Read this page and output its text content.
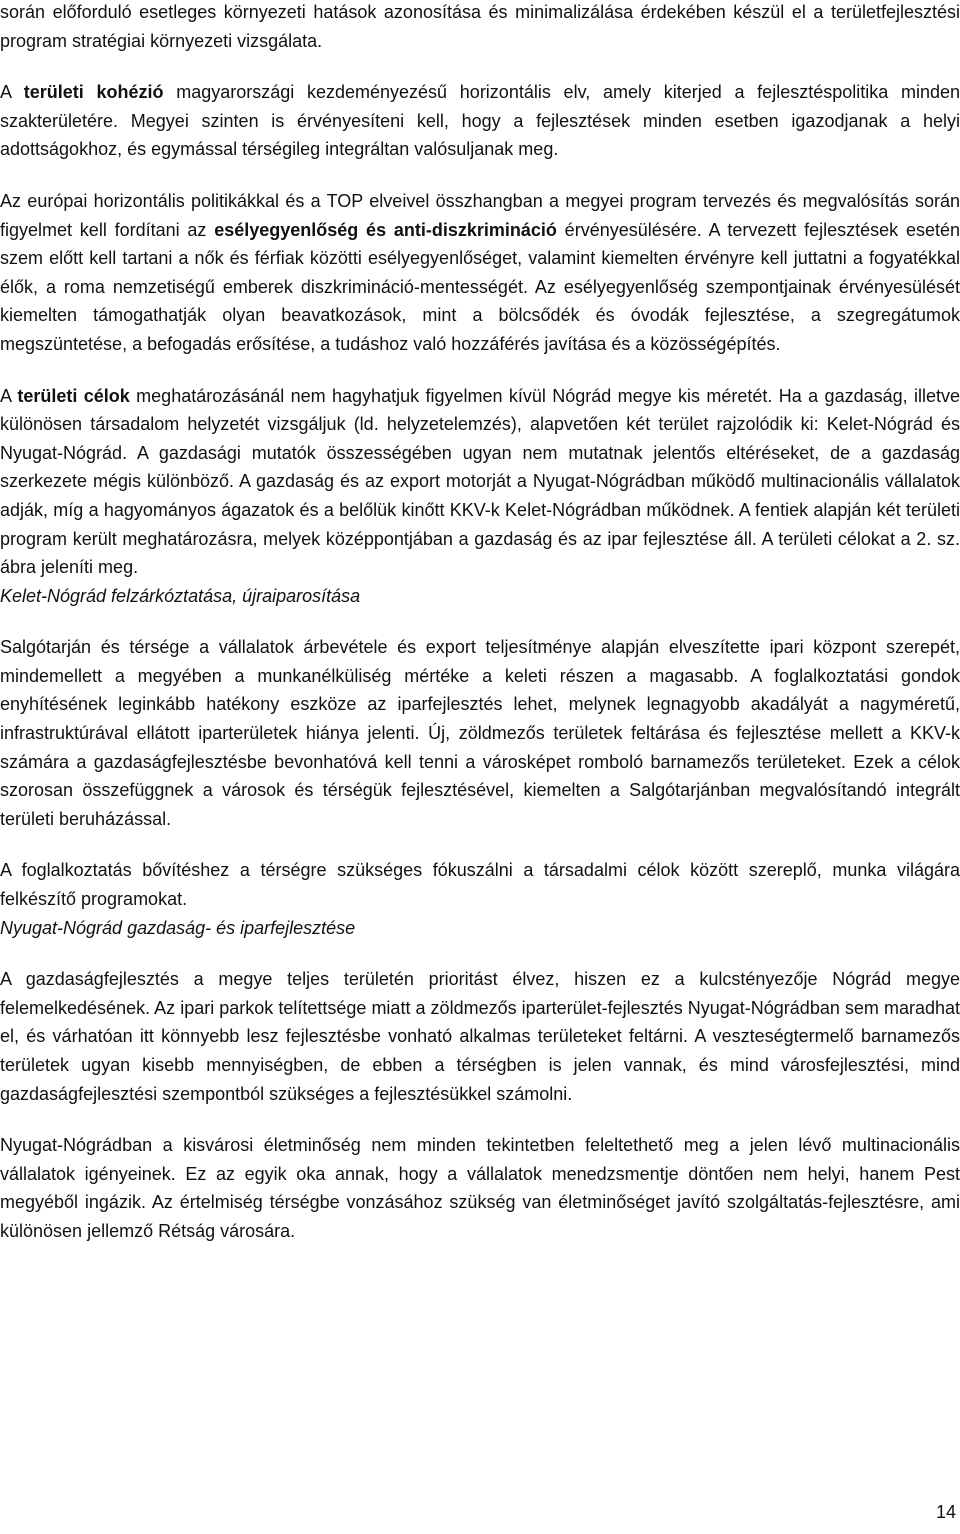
során előforduló esetleges környezeti hatások azonosítása és minimalizálása érdekében készül el a területfejlesztési program stratégiai környezeti vizsgálata.

A területi kohézió magyarországi kezdeményezésű horizontális elv, amely kiterjed a fejlesztéspolitika minden szakterületére. Megyei szinten is érvényesíteni kell, hogy a fejlesztések minden esetben igazodjanak a helyi adottságokhoz, és egymással térségileg integráltan valósuljanak meg.

Az európai horizontális politikákkal és a TOP elveivel összhangban a megyei program tervezés és megvalósítás során figyelmet kell fordítani az esélyegyenlőség és anti-diszkrimináció érvényesülésére. A tervezett fejlesztések esetén szem előtt kell tartani a nők és férfiak közötti esélyegyenlőséget, valamint kiemelten érvényre kell juttatni a fogyatékkal élők, a roma nemzetiségű emberek diszkrimináció-mentességét. Az esélyegyenlőség szempontjainak érvényesülését kiemelten támogathatják olyan beavatkozások, mint a bölcsődék és óvodák fejlesztése, a szegregátumok megszüntetése, a befogadás erősítése, a tudáshoz való hozzáférés javítása és a közösségépítés.

A területi célok meghatározásánál nem hagyhatjuk figyelmen kívül Nógrád megye kis méretét. Ha a gazdaság, illetve különösen társadalom helyzetét vizsgáljuk (ld. helyzetelemzés), alapvetően két terület rajzolódik ki: Kelet-Nógrád és Nyugat-Nógrád. A gazdasági mutatók összességében ugyan nem mutatnak jelentős eltéréseket, de a gazdaság szerkezete mégis különböző. A gazdaság és az export motorját a Nyugat-Nógrádban működő multinacionális vállalatok adják, míg a hagyományos ágazatok és a belőlük kinőtt KKV-k Kelet-Nógrádban működnek. A fentiek alapján két területi program került meghatározásra, melyek középpontjában a gazdaság és az ipar fejlesztése áll. A területi célokat a 2. sz. ábra jeleníti meg.

Kelet-Nógrád felzárkóztatása, újraiparosítása

Salgótarján és térsége a vállalatok árbevétele és export teljesítménye alapján elveszítette ipari központ szerepét, mindemellett a megyében a munkanélküliség mértéke a keleti részen a magasabb. A foglalkoztatási gondok enyhítésének leginkább hatékony eszköze az iparfejlesztés lehet, melynek legnagyobb akadályát a nagyméretű, infrastruktúrával ellátott iparterületek hiánya jelenti. Új, zöldmezős területek feltárása és fejlesztése mellett a KKV-k számára a gazdaságfejlesztésbe bevonhatóvá kell tenni a városképet romboló barnamezős területeket. Ezek a célok szorosan összefüggnek a városok és térségük fejlesztésével, kiemelten a Salgótarjánban megvalósítandó integrált területi beruházással.

A foglalkoztatás bővítéshez a térségre szükséges fókuszálni a társadalmi célok között szereplő, munka világára felkészítő programokat.

Nyugat-Nógrád gazdaság- és iparfejlesztése

A gazdaságfejlesztés a megye teljes területén prioritást élvez, hiszen ez a kulcstényezője Nógrád megye felemelkedésének. Az ipari parkok telítettsége miatt a zöldmezős iparterület-fejlesztés Nyugat-Nógrádban sem maradhat el, és várhatóan itt könnyebb lesz fejlesztésbe vonható alkalmas területeket feltárni. A veszteségtermelő barnamezős területek ugyan kisebb mennyiségben, de ebben a térségben is jelen vannak, és mind városfejlesztési, mind gazdaságfejlesztési szempontból szükséges a fejlesztésükkel számolni.

Nyugat-Nógrádban a kisvárosi életminőség nem minden tekintetben feleltethető meg a jelen lévő multinacionális vállalatok igényeinek. Ez az egyik oka annak, hogy a vállalatok menedzsmentje döntően nem helyi, hanem Pest megyéből ingázik. Az értelmiség térségbe vonzásához szükség van életminőséget javító szolgáltatás-fejlesztésre, ami különösen jellemző Rétság városára.

14
